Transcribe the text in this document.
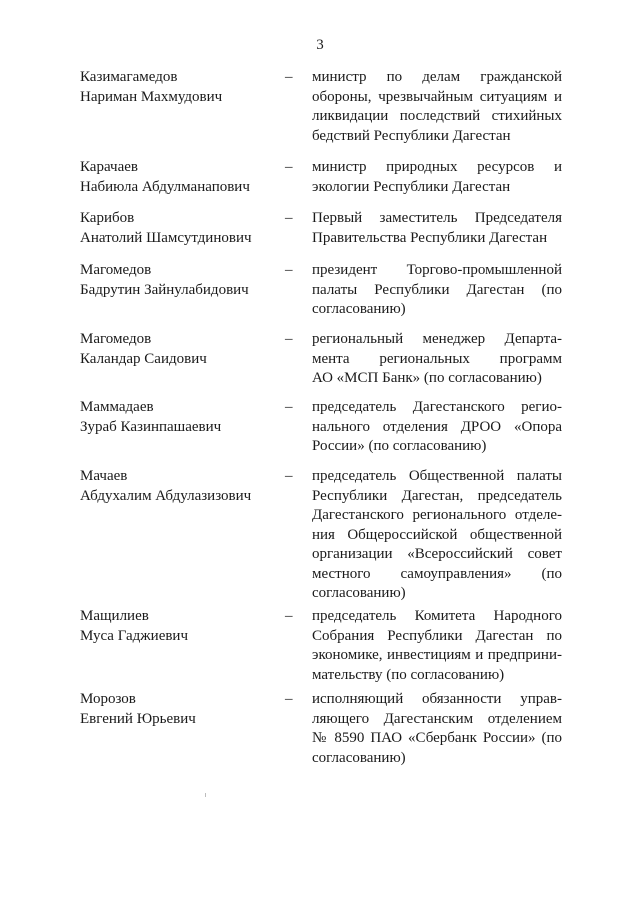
3
Казимагамедов
Нариман Махмудович
–	министр по делам гражданской
обороны, чрезвычайным ситуациям и
ликвидации последствий стихийных
бедствий Республики Дагестан
Карачаев
Набиюла Абдулманапович
–	министр природных ресурсов и
экологии Республики Дагестан
Карибов
Анатолий Шамсутдинович
–	Первый заместитель Председателя
Правительства Республики Дагестан
Магомедов
Бадрутин Зайнулабидович
–	президент Торгово-промышленной
палаты Республики Дагестан (по
согласованию)
Магомедов
Каландар Саидович
–	региональный менеджер Департа-
мента региональных программ
АО «МСП Банк» (по согласованию)
Маммадаев
Зураб Казинпашаевич
–	председатель Дагестанского регио-
нального отделения ДРОО «Опора
России» (по согласованию)
Мачаев
Абдухалим Абдулазизович
–	председатель Общественной палаты
Республики Дагестан, председатель
Дагестанского регионального отделе-
ния Общероссийской общественной
организации «Всероссийский совет
местного самоуправления» (по
согласованию)
Мащилиев
Муса Гаджиевич
–	председатель Комитета Народного
Собрания Республики Дагестан по
экономике, инвестициям и предприни-
мательству (по согласованию)
Морозов
Евгений Юрьевич
–	исполняющий обязанности управ-
ляющего Дагестанским отделением
№ 8590 ПАО «Сбербанк России» (по
согласованию)
